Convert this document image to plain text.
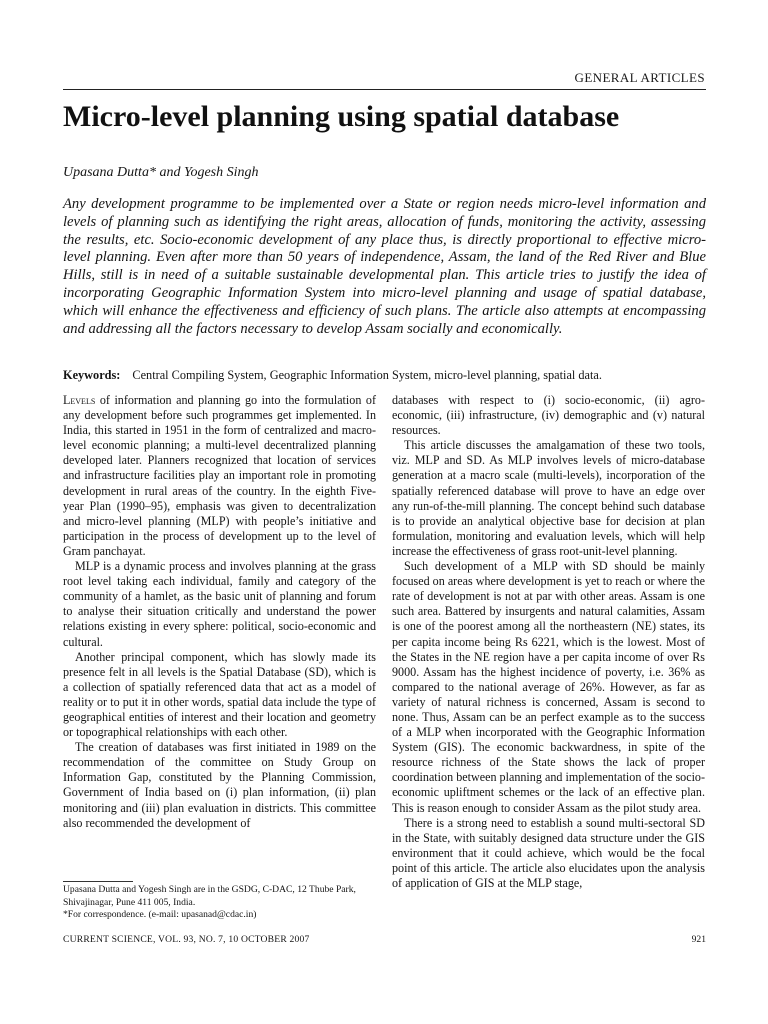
GENERAL ARTICLES
Micro-level planning using spatial database
Upasana Dutta* and Yogesh Singh

Any development programme to be implemented over a State or region needs micro-level information and levels of planning such as identifying the right areas, allocation of funds, monitoring the activity, assessing the results, etc. Socio-economic development of any place thus, is directly proportional to effective micro-level planning. Even after more than 50 years of independence, Assam, the land of the Red River and Blue Hills, still is in need of a suitable sustainable developmental plan. This article tries to justify the idea of incorporating Geographic Information System into micro-level planning and usage of spatial database, which will enhance the effectiveness and efficiency of such plans. The article also attempts at encompassing and addressing all the factors necessary to develop Assam socially and economically.

Keywords: Central Compiling System, Geographic Information System, micro-level planning, spatial data.

Levels of information and planning go into the formulation of any development before such programmes get implemented. In India, this started in 1951 in the form of centralized and macro-level economic planning; a multi-level decentralized planning developed later. Planners recognized that location of services and infrastructure facilities play an important role in promoting development in rural areas of the country. In the eighth Five-year Plan (1990–95), emphasis was given to decentralization and micro-level planning (MLP) with people’s initiative and participation in the process of development up to the level of Gram panchayat.

MLP is a dynamic process and involves planning at the grass root level taking each individual, family and category of the community of a hamlet, as the basic unit of planning and forum to analyse their situation critically and understand the power relations existing in every sphere: political, socio-economic and cultural.

Another principal component, which has slowly made its presence felt in all levels is the Spatial Database (SD), which is a collection of spatially referenced data that act as a model of reality or to put it in other words, spatial data include the type of geographical entities of interest and their location and geometry or topographical relationships with each other.

The creation of databases was first initiated in 1989 on the recommendation of the committee on Study Group on Information Gap, constituted by the Planning Commission, Government of India based on (i) plan information, (ii) plan monitoring and (iii) plan evaluation in districts. This committee also recommended the development of

databases with respect to (i) socio-economic, (ii) agro-economic, (iii) infrastructure, (iv) demographic and (v) natural resources.

This article discusses the amalgamation of these two tools, viz. MLP and SD. As MLP involves levels of micro-database generation at a macro scale (multi-levels), incorporation of the spatially referenced database will prove to have an edge over any run-of-the-mill planning. The concept behind such database is to provide an analytical objective base for decision at plan formulation, monitoring and evaluation levels, which will help increase the effectiveness of grass root-unit-level planning.

Such development of a MLP with SD should be mainly focused on areas where development is yet to reach or where the rate of development is not at par with other areas. Assam is one such area. Battered by insurgents and natural calamities, Assam is one of the poorest among all the northeastern (NE) states, its per capita income being Rs 6221, which is the lowest. Most of the States in the NE region have a per capita income of over Rs 9000. Assam has the highest incidence of poverty, i.e. 36% as compared to the national average of 26%. However, as far as variety of natural richness is concerned, Assam is second to none. Thus, Assam can be an perfect example as to the success of a MLP when incorporated with the Geographic Information System (GIS). The economic backwardness, in spite of the resource richness of the State shows the lack of proper coordination between planning and implementation of the socio-economic upliftment schemes or the lack of an effective plan. This is reason enough to consider Assam as the pilot study area.

There is a strong need to establish a sound multi-sectoral SD in the State, with suitably designed data structure under the GIS environment that it could achieve, which would be the focal point of this article. The article also elucidates upon the analysis of application of GIS at the MLP stage,

Upasana Dutta and Yogesh Singh are in the GSDG, C-DAC, 12 Thube Park, Shivajinagar, Pune 411 005, India.

*For correspondence. (e-mail: upasanad@cdac.in)

CURRENT SCIENCE, VOL. 93, NO. 7, 10 OCTOBER 2007	921
